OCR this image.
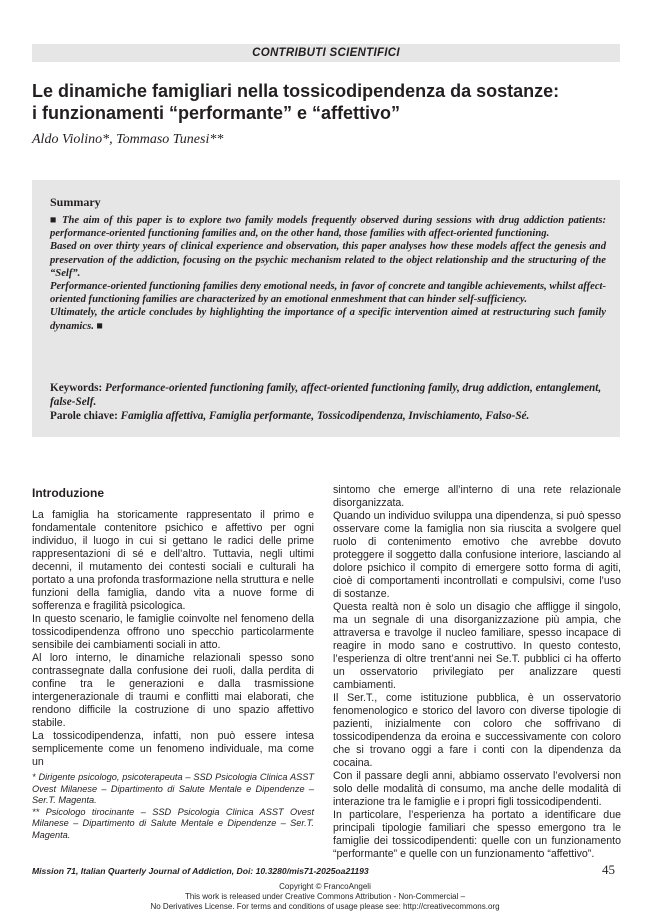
CONTRIBUTI SCIENTIFICI
Le dinamiche famigliari nella tossicodipendenza da sostanze:
i funzionamenti “performante” e “affettivo”
Aldo Violino*, Tommaso Tunesi**
Summary

■ The aim of this paper is to explore two family models frequently observed during sessions with drug addiction patients: performance-oriented functioning families and, on the other hand, those families with affect-oriented functioning.

Based on over thirty years of clinical experience and observation, this paper analyses how these models affect the genesis and preservation of the addiction, focusing on the psychic mechanism related to the object relationship and the structuring of the “Self”.

Performance-oriented functioning families deny emotional needs, in favor of concrete and tangible achievements, whilst affect-oriented functioning families are characterized by an emotional enmeshment that can hinder self-sufficiency.

Ultimately, the article concludes by highlighting the importance of a specific intervention aimed at restructuring such family dynamics. ■

Keywords: Performance-oriented functioning family, affect-oriented functioning family, drug addiction, entanglement, false-Self.

Parole chiave: Famiglia affettiva, Famiglia performante, Tossicodipendenza, Invischiamento, Falso-Sé.

Introduzione

La famiglia ha storicamente rappresentato il primo e fondamentale contenitore psichico e affettivo per ogni individuo, il luogo in cui si gettano le radici delle prime rappresentazioni di sé e dell’altro. Tuttavia, negli ultimi decenni, il mutamento dei contesti sociali e culturali ha portato a una profonda trasformazione nella struttura e nelle funzioni della famiglia, dando vita a nuove forme di sofferenza e fragilità psicologica.

In questo scenario, le famiglie coinvolte nel fenomeno della tossicodipendenza offrono uno specchio particolarmente sensibile dei cambiamenti sociali in atto.

Al loro interno, le dinamiche relazionali spesso sono contrassegnate dalla confusione dei ruoli, dalla perdita di confine tra le generazioni e dalla trasmissione intergenerazionale di traumi e conflitti mai elaborati, che rendono difficile la costruzione di uno spazio affettivo stabile.

La tossicodipendenza, infatti, non può essere intesa semplicemente come un fenomeno individuale, ma come un

sintomo che emerge all’interno di una rete relazionale disorganizzata.

Quando un individuo sviluppa una dipendenza, si può spesso osservare come la famiglia non sia riuscita a svolgere quel ruolo di contenimento emotivo che avrebbe dovuto proteggere il soggetto dalla confusione interiore, lasciando al dolore psichico il compito di emergere sotto forma di agiti, cioè di comportamenti incontrollati e compulsivi, come l’uso di sostanze.

Questa realtà non è solo un disagio che affligge il singolo, ma un segnale di una disorganizzazione più ampia, che attraversa e travolge il nucleo familiare, spesso incapace di reagire in modo sano e costruttivo. In questo contesto, l’esperienza di oltre trent’anni nei Se.T. pubblici ci ha offerto un osservatorio privilegiato per analizzare questi cambiamenti.

Il Ser.T., come istituzione pubblica, è un osservatorio fenomenologico e storico del lavoro con diverse tipologie di pazienti, inizialmente con coloro che soffrivano di tossicodipendenza da eroina e successivamente con coloro che si trovano oggi a fare i conti con la dipendenza da cocaina.

Con il passare degli anni, abbiamo osservato l’evolversi non solo delle modalità di consumo, ma anche delle modalità di interazione tra le famiglie e i propri figli tossicodipendenti.

In particolare, l’esperienza ha portato a identificare due principali tipologie familiari che spesso emergono tra le famiglie dei tossicodipendenti: quelle con un funzionamento “performante” e quelle con un funzionamento “affettivo”.

* Dirigente psicologo, psicoterapeuta – SSD Psicologia Clinica ASST Ovest Milanese – Dipartimento di Salute Mentale e Dipendenze – Ser.T. Magenta.

** Psicologo tirocinante – SSD Psicologia Clinica ASST Ovest Milanese – Dipartimento di Salute Mentale e Dipendenze – Ser.T. Magenta.

Mission 71, Italian Quarterly Journal of Addiction, Doi: 10.3280/mis71-2025oa21193	45
Copyright © FrancoAngeli
This work is released under Creative Commons Attribution - Non-Commercial –
No Derivatives License. For terms and conditions of usage please see: http://creativecommons.org
